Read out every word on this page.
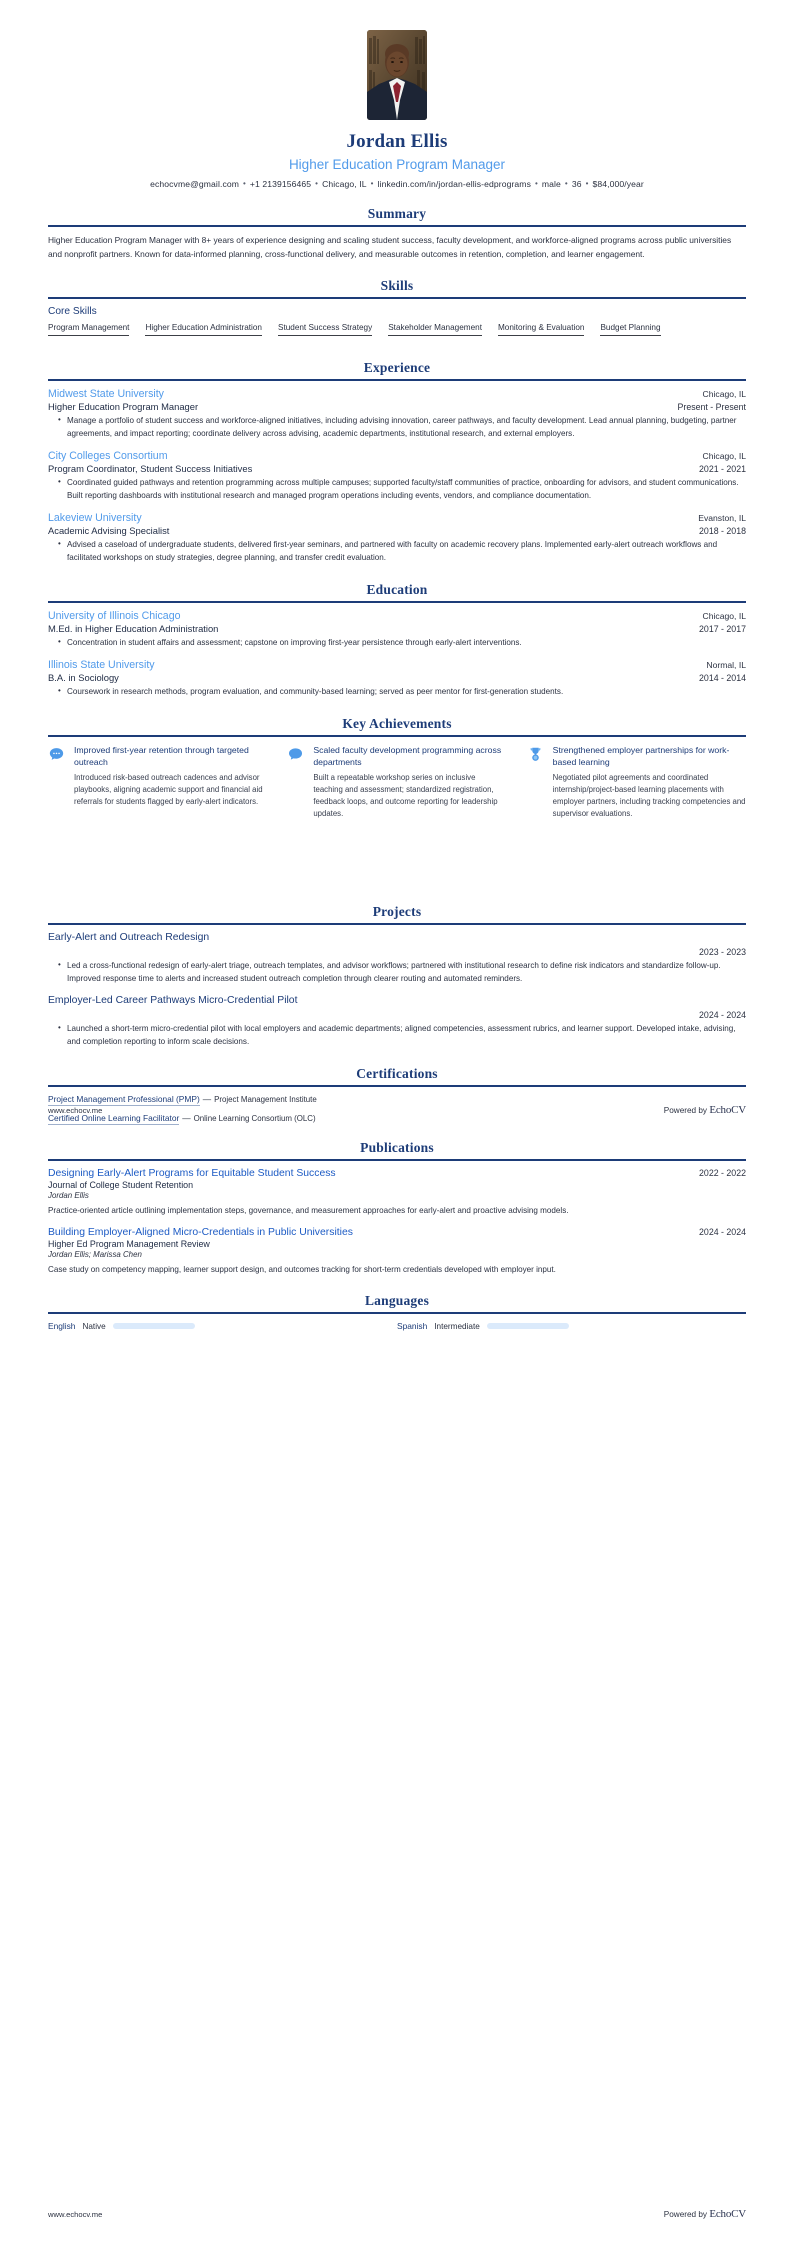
Jordan Ellis
Higher Education Program Manager
echocvme@gmail.com • +1 2139156465 • Chicago, IL • linkedin.com/in/jordan-ellis-edprograms • male • 36 • $84,000/year
Summary
Higher Education Program Manager with 8+ years of experience designing and scaling student success, faculty development, and workforce-aligned programs across public universities and nonprofit partners. Known for data-informed planning, cross-functional delivery, and measurable outcomes in retention, completion, and learner engagement.
Skills
Core Skills
Program Management Higher Education Administration Student Success Strategy Stakeholder Management Monitoring & Evaluation Budget Planning
Experience
Midwest State University	Chicago, IL
Higher Education Program Manager	Present - Present
• Manage a portfolio of student success and workforce-aligned initiatives, including advising innovation, career pathways, and faculty development. Lead annual planning, budgeting, partner agreements, and impact reporting; coordinate delivery across advising, academic departments, institutional research, and external employers.
City Colleges Consortium	Chicago, IL
Program Coordinator, Student Success Initiatives	2021 - 2021
• Coordinated guided pathways and retention programming across multiple campuses; supported faculty/staff communities of practice, onboarding for advisors, and student communications. Built reporting dashboards with institutional research and managed program operations including events, vendors, and compliance documentation.
Lakeview University	Evanston, IL
Academic Advising Specialist	2018 - 2018
• Advised a caseload of undergraduate students, delivered first-year seminars, and partnered with faculty on academic recovery plans. Implemented early-alert outreach workflows and facilitated workshops on study strategies, degree planning, and transfer credit evaluation.
Education
University of Illinois Chicago	Chicago, IL
M.Ed. in Higher Education Administration	2017 - 2017
• Concentration in student affairs and assessment; capstone on improving first-year persistence through early-alert interventions.
Illinois State University	Normal, IL
B.A. in Sociology	2014 - 2014
• Coursework in research methods, program evaluation, and community-based learning; served as peer mentor for first-generation students.
Key Achievements
Improved first-year retention through targeted outreach
Introduced risk-based outreach cadences and advisor playbooks, aligning academic support and financial aid referrals for students flagged by early-alert indicators.
Scaled faculty development programming across departments
Built a repeatable workshop series on inclusive teaching and assessment; standardized registration, feedback loops, and outcome reporting for leadership updates.
Strengthened employer partnerships for work-based learning
Negotiated pilot agreements and coordinated internship/project-based learning placements with employer partners, including tracking competencies and supervisor evaluations.
www.echocv.me	Powered by EchoCV
Projects
Early-Alert and Outreach Redesign
2023 - 2023
• Led a cross-functional redesign of early-alert triage, outreach templates, and advisor workflows; partnered with institutional research to define risk indicators and standardize follow-up. Improved response time to alerts and increased student outreach completion through clearer routing and automated reminders.
Employer-Led Career Pathways Micro-Credential Pilot
2024 - 2024
• Launched a short-term micro-credential pilot with local employers and academic departments; aligned competencies, assessment rubrics, and learner support. Developed intake, advising, and completion reporting to inform scale decisions.
Certifications
Project Management Professional (PMP) — Project Management Institute
Certified Online Learning Facilitator — Online Learning Consortium (OLC)
Publications
Designing Early-Alert Programs for Equitable Student Success	2022 - 2022
Journal of College Student Retention
Jordan Ellis
Practice-oriented article outlining implementation steps, governance, and measurement approaches for early-alert and proactive advising models.
Building Employer-Aligned Micro-Credentials in Public Universities	2024 - 2024
Higher Ed Program Management Review
Jordan Ellis; Marissa Chen
Case study on competency mapping, learner support design, and outcomes tracking for short-term credentials developed with employer input.
Languages
English Native	Spanish Intermediate
www.echocv.me	Powered by EchoCV
